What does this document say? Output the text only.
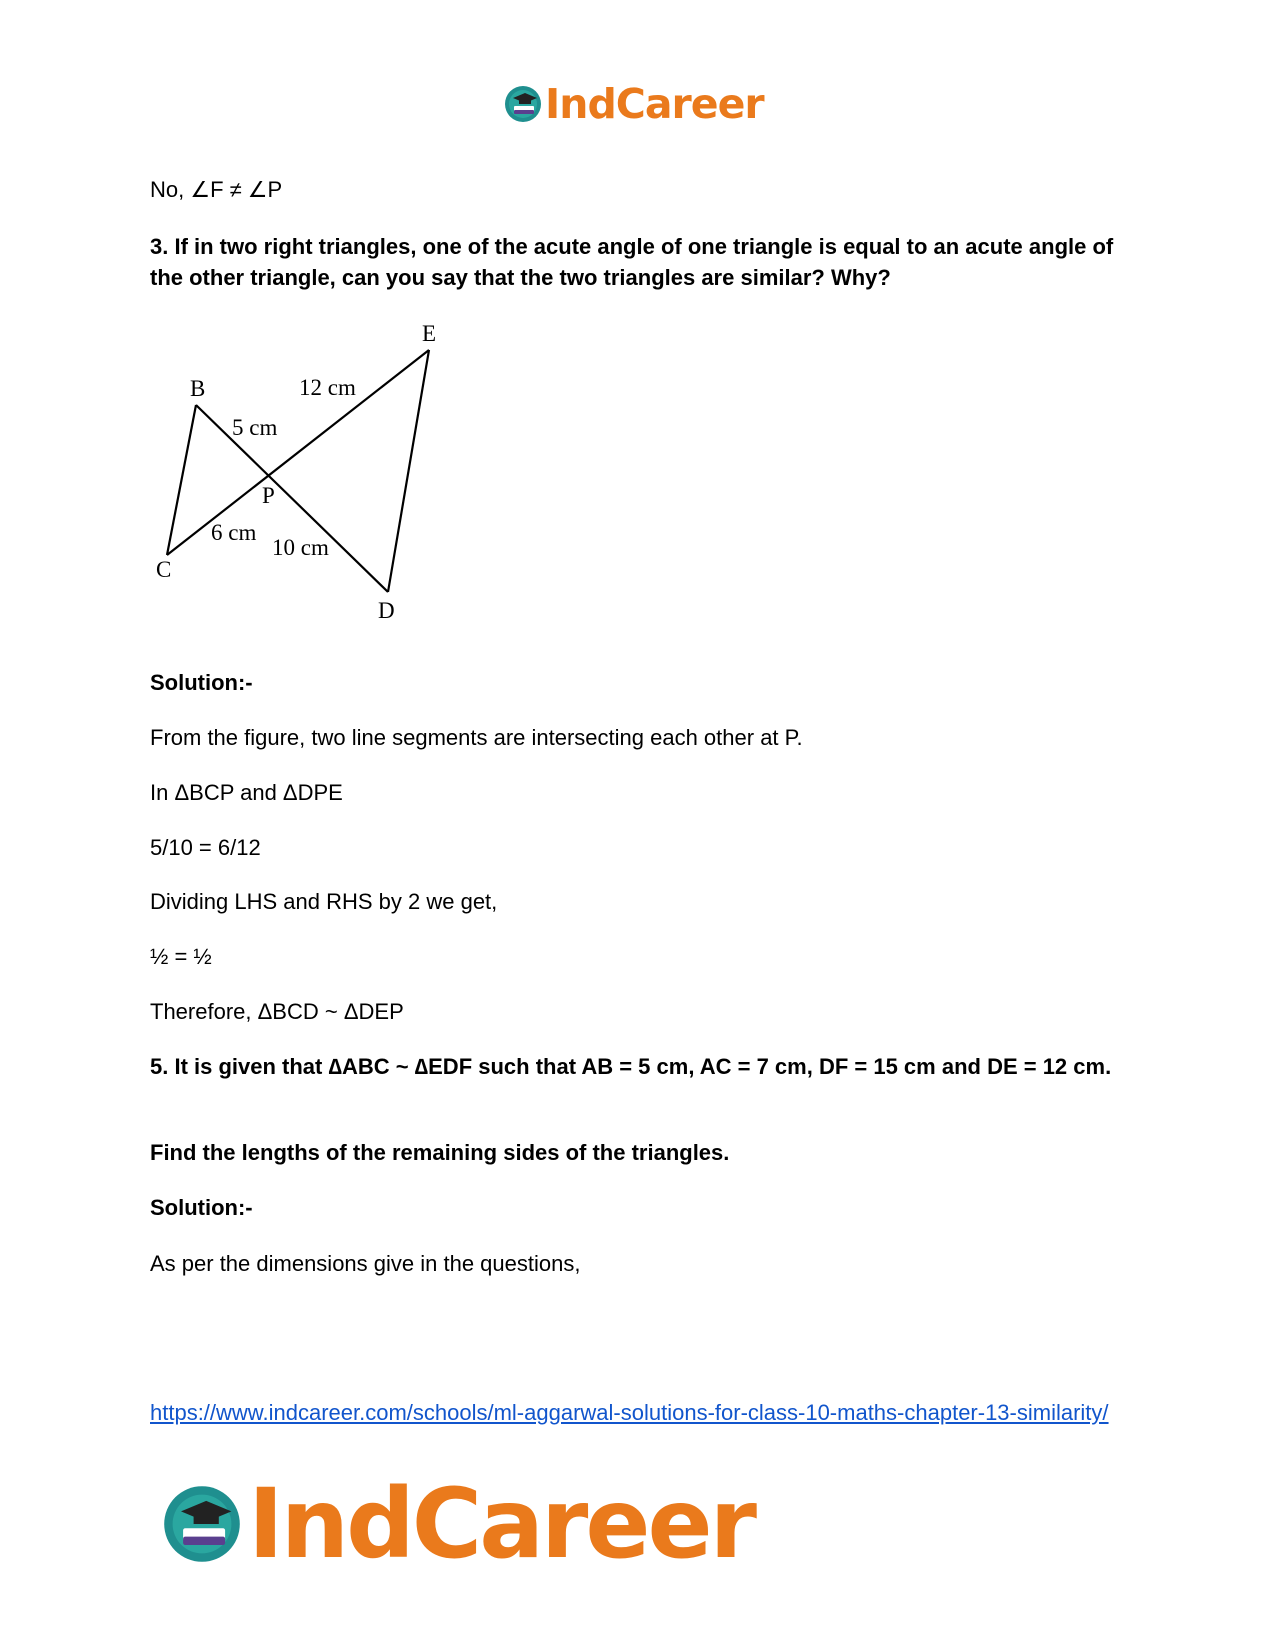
IndCareer
No, ∠F ≠ ∠P
3. If in two right triangles, one of the acute angle of one triangle is equal to an acute angle of the other triangle, can you say that the two triangles are similar? Why?
B
C
D
E
P
5 cm
12 cm
6 cm
10 cm
Solution:-
From the figure, two line segments are intersecting each other at P.
In ΔBCP and ΔDPE
5/10 = 6/12
Dividing LHS and RHS by 2 we get,
½ = ½
Therefore, ΔBCD ~ ΔDEP
5. It is given that ∆ABC ~ ∆EDF such that AB = 5 cm, AC = 7 cm, DF = 15 cm and DE = 12 cm.
Find the lengths of the remaining sides of the triangles.
Solution:-
As per the dimensions give in the questions,
https://www.indcareer.com/schools/ml-aggarwal-solutions-for-class-10-maths-chapter-13-similarity/
IndCareer
